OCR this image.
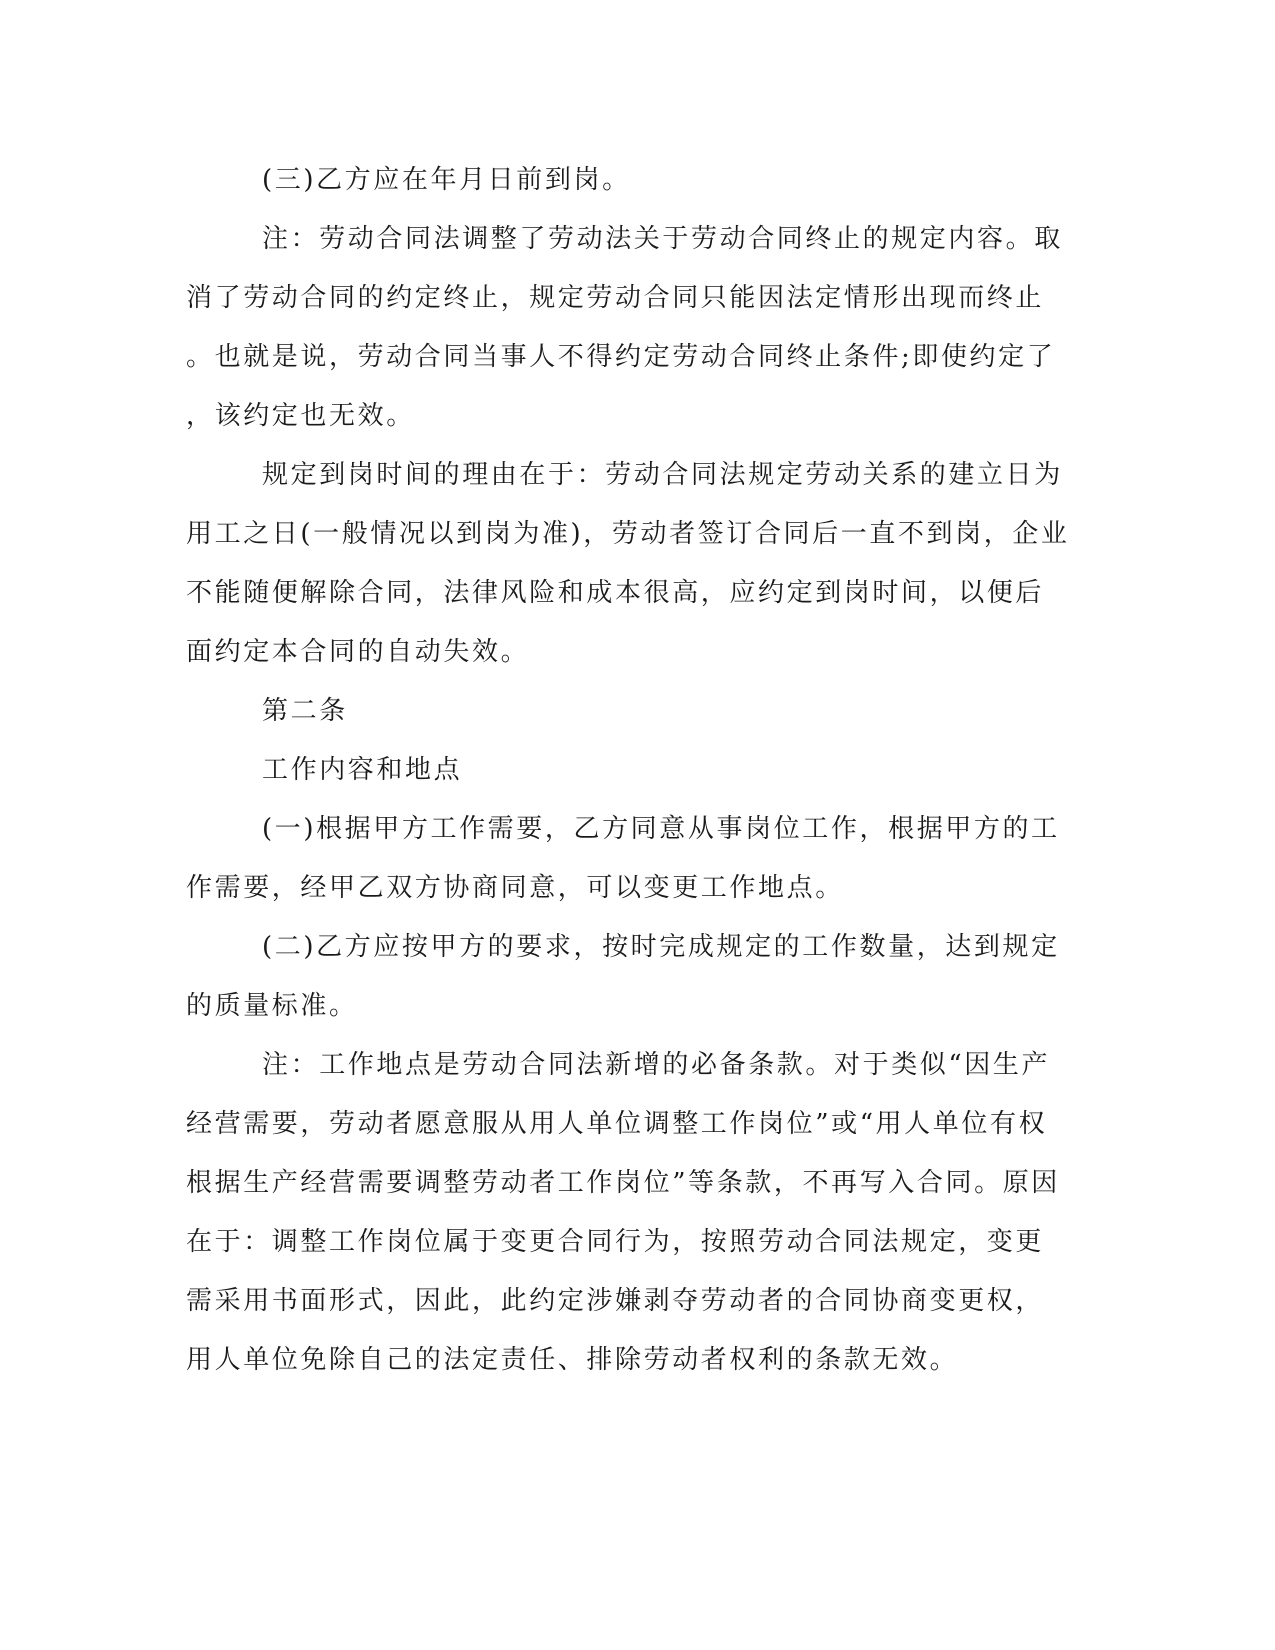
(三)乙方应在年月日前到岗。
注：劳动合同法调整了劳动法关于劳动合同终止的规定内容。取
消了劳动合同的约定终止，规定劳动合同只能因法定情形出现而终止
。也就是说，劳动合同当事人不得约定劳动合同终止条件;即使约定了
，该约定也无效。
规定到岗时间的理由在于：劳动合同法规定劳动关系的建立日为
用工之日(一般情况以到岗为准)，劳动者签订合同后一直不到岗，企业
不能随便解除合同，法律风险和成本很高，应约定到岗时间，以便后
面约定本合同的自动失效。
第二条
工作内容和地点
(一)根据甲方工作需要，乙方同意从事岗位工作，根据甲方的工
作需要，经甲乙双方协商同意，可以变更工作地点。
(二)乙方应按甲方的要求，按时完成规定的工作数量，达到规定
的质量标准。
注：工作地点是劳动合同法新增的必备条款。对于类似“因生产
经营需要，劳动者愿意服从用人单位调整工作岗位”或“用人单位有权
根据生产经营需要调整劳动者工作岗位”等条款，不再写入合同。原因
在于：调整工作岗位属于变更合同行为，按照劳动合同法规定，变更
需采用书面形式，因此，此约定涉嫌剥夺劳动者的合同协商变更权，
用人单位免除自己的法定责任、排除劳动者权利的条款无效。
